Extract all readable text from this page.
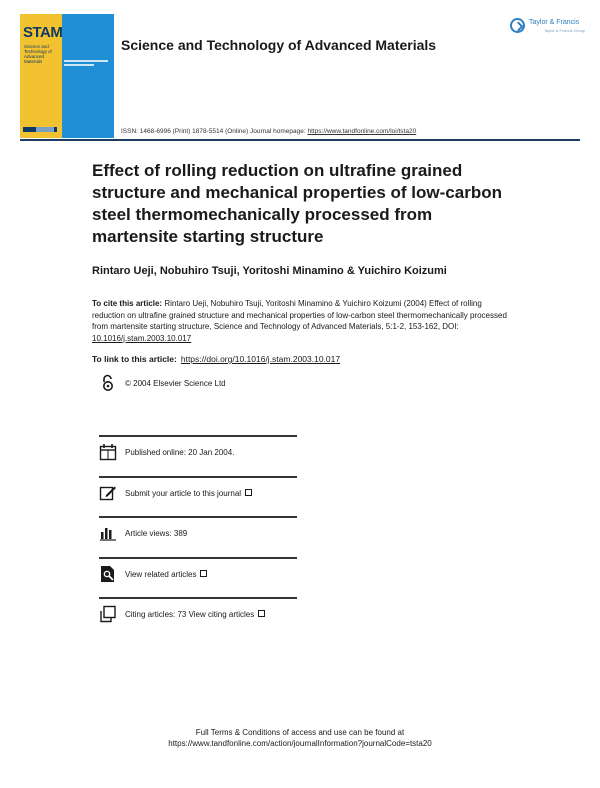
STAM
Science and Technology of Advanced Materials
Science and Technology of Advanced Materials
Taylor & Francis
Taylor & Francis Group
ISSN: 1468-6996 (Print) 1878-5514 (Online) Journal homepage: https://www.tandfonline.com/loi/tsta20
Effect of rolling reduction on ultrafine grained structure and mechanical properties of low-carbon steel thermomechanically processed from martensite starting structure
Rintaro Ueji, Nobuhiro Tsuji, Yoritoshi Minamino & Yuichiro Koizumi
To cite this article: Rintaro Ueji, Nobuhiro Tsuji, Yoritoshi Minamino & Yuichiro Koizumi (2004) Effect of rolling reduction on ultrafine grained structure and mechanical properties of low-carbon steel thermomechanically processed from martensite starting structure, Science and Technology of Advanced Materials, 5:1-2, 153-162, DOI: 10.1016/j.stam.2003.10.017
To link to this article: https://doi.org/10.1016/j.stam.2003.10.017
© 2004 Elsevier Science Ltd
Published online: 20 Jan 2004.
Submit your article to this journal
Article views: 389
View related articles
Citing articles: 73 View citing articles
Full Terms & Conditions of access and use can be found at
https://www.tandfonline.com/action/journalInformation?journalCode=tsta20
